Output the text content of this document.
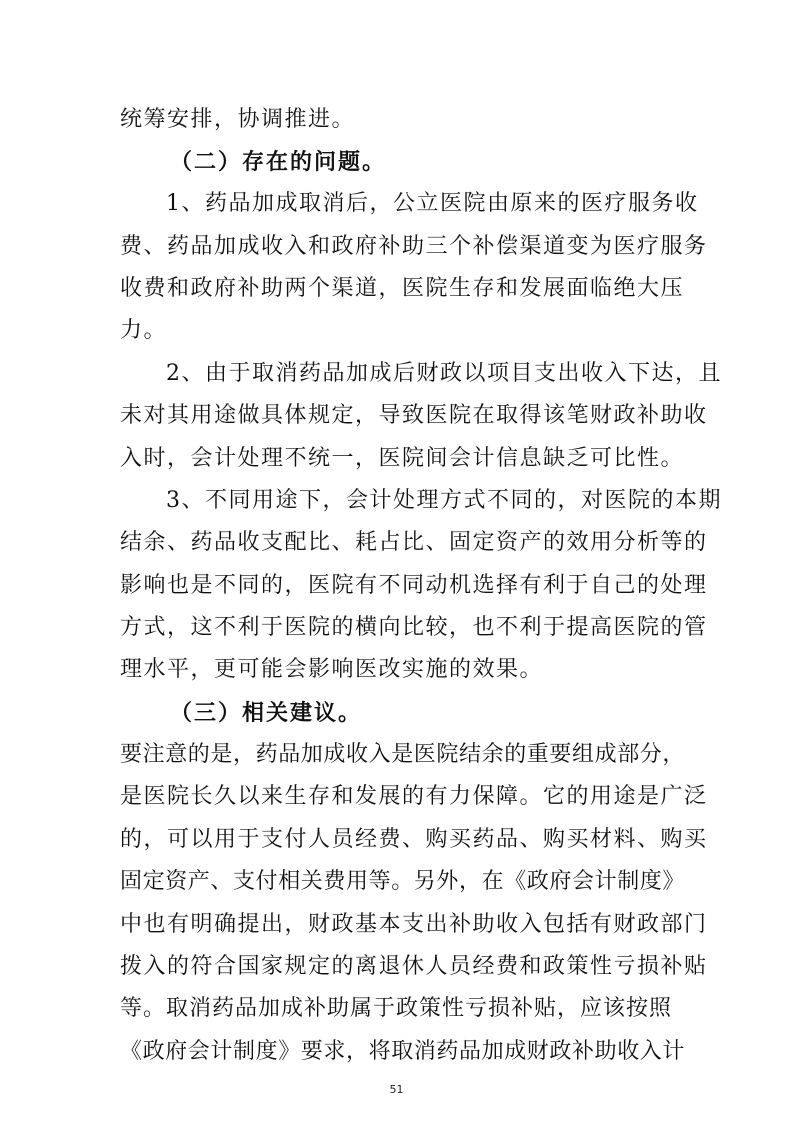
统筹安排，协调推进。
（二）存在的问题。
1、药品加成取消后，公立医院由原来的医疗服务收
费、药品加成收入和政府补助三个补偿渠道变为医疗服务
收费和政府补助两个渠道，医院生存和发展面临绝大压
力。
2、由于取消药品加成后财政以项目支出收入下达，且
未对其用途做具体规定，导致医院在取得该笔财政补助收
入时，会计处理不统一，医院间会计信息缺乏可比性。
3、不同用途下，会计处理方式不同的，对医院的本期
结余、药品收支配比、耗占比、固定资产的效用分析等的
影响也是不同的，医院有不同动机选择有利于自己的处理
方式，这不利于医院的横向比较，也不利于提高医院的管
理水平，更可能会影响医改实施的效果。
（三）相关建议。
要注意的是，药品加成收入是医院结余的重要组成部分，
是医院长久以来生存和发展的有力保障。它的用途是广泛
的，可以用于支付人员经费、购买药品、购买材料、购买
固定资产、支付相关费用等。另外，在《政府会计制度》
中也有明确提出，财政基本支出补助收入包括有财政部门
拨入的符合国家规定的离退休人员经费和政策性亏损补贴
等。取消药品加成补助属于政策性亏损补贴，应该按照
《政府会计制度》要求，将取消药品加成财政补助收入计
51
